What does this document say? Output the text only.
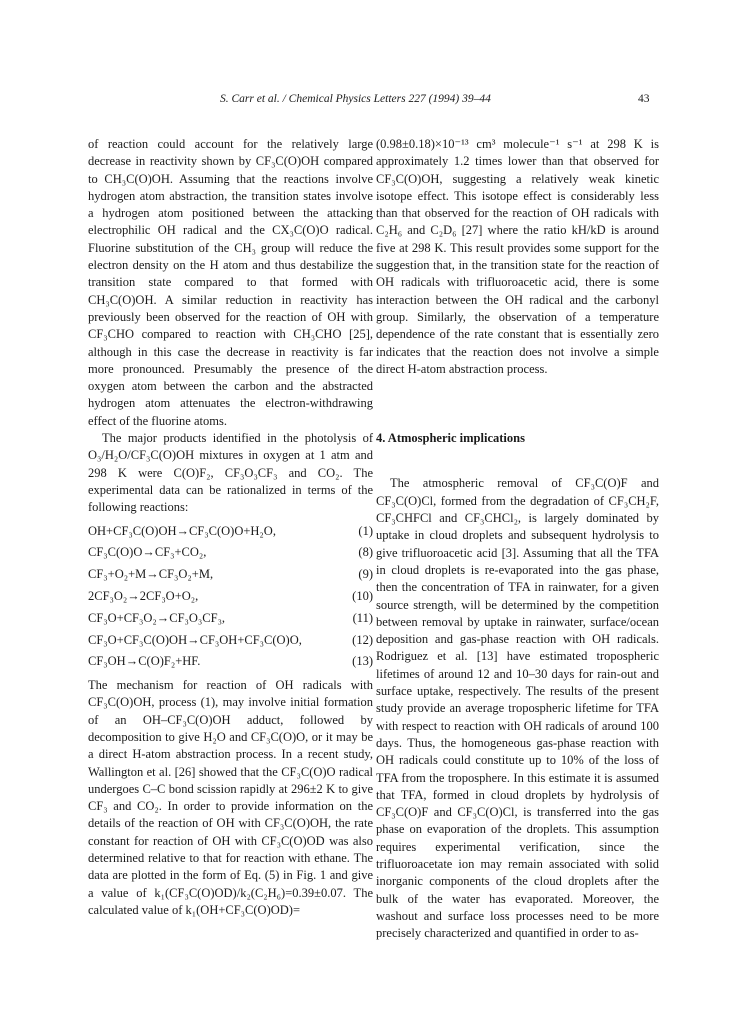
S. Carr et al. / Chemical Physics Letters 227 (1994) 39–44	43

of reaction could account for the relatively large decrease in reactivity shown by CF₃C(O)OH compared to CH₃C(O)OH. Assuming that the reactions involve hydrogen atom abstraction, the transition states involve a hydrogen atom positioned between the attacking electrophilic OH radical and the CX₃C(O)O radical. Fluorine substitution of the CH₃ group will reduce the electron density on the H atom and thus destabilize the transition state compared to that formed with CH₃C(O)OH. A similar reduction in reactivity has previously been observed for the reaction of OH with CF₃CHO compared to reaction with CH₃CHO [25], although in this case the decrease in reactivity is far more pronounced. Presumably the presence of the oxygen atom between the carbon and the abstracted hydrogen atom attenuates the electron-withdrawing effect of the fluorine atoms.

The major products identified in the photolysis of O₃/H₂O/CF₃C(O)OH mixtures in oxygen at 1 atm and 298 K were C(O)F₂, CF₃O₃CF₃ and CO₂. The experimental data can be rationalized in terms of the following reactions:

OH+CF₃C(O)OH→CF₃C(O)O+H₂O,	(1)
CF₃C(O)O→CF₃+CO₂,	(8)
CF₃+O₂+M→CF₃O₂+M,	(9)
2CF₃O₂→2CF₃O+O₂,	(10)
CF₃O+CF₃O₂→CF₃O₃CF₃,	(11)
CF₃O+CF₃C(O)OH→CF₃OH+CF₃C(O)O,	(12)
CF₃OH→C(O)F₂+HF.	(13)

The mechanism for reaction of OH radicals with CF₃C(O)OH, process (1), may involve initial formation of an OH–CF₃C(O)OH adduct, followed by decomposition to give H₂O and CF₃C(O)O, or it may be a direct H-atom abstraction process. In a recent study, Wallington et al. [26] showed that the CF₃C(O)O radical undergoes C–C bond scission rapidly at 296±2 K to give CF₃ and CO₂. In order to provide information on the details of the reaction of OH with CF₃C(O)OH, the rate constant for reaction of OH with CF₃C(O)OD was also determined relative to that for reaction with ethane. The data are plotted in the form of Eq. (5) in Fig. 1 and give a value of k₁(CF₃C(O)OD)/k₂(C₂H₆)=0.39±0.07. The calculated value of k₁(OH+CF₃C(O)OD)=

(0.98±0.18)×10⁻¹³ cm³ molecule⁻¹ s⁻¹ at 298 K is approximately 1.2 times lower than that observed for CF₃C(O)OH, suggesting a relatively weak kinetic isotope effect. This isotope effect is considerably less than that observed for the reaction of OH radicals with C₂H₆ and C₂D₆ [27] where the ratio kH/kD is around five at 298 K. This result provides some support for the suggestion that, in the transition state for the reaction of OH radicals with trifluoroacetic acid, there is some interaction between the OH radical and the carbonyl group. Similarly, the observation of a temperature dependence of the rate constant that is essentially zero indicates that the reaction does not involve a simple direct H-atom abstraction process.

4. Atmospheric implications

The atmospheric removal of CF₃C(O)F and CF₃C(O)Cl, formed from the degradation of CF₃CH₂F, CF₃CHFCl and CF₃CHCl₂, is largely dominated by uptake in cloud droplets and subsequent hydrolysis to give trifluoroacetic acid [3]. Assuming that all the TFA in cloud droplets is re-evaporated into the gas phase, then the concentration of TFA in rainwater, for a given source strength, will be determined by the competition between removal by uptake in rainwater, surface/ocean deposition and gas-phase reaction with OH radicals. Rodriguez et al. [13] have estimated tropospheric lifetimes of around 12 and 10–30 days for rain-out and surface uptake, respectively. The results of the present study provide an average tropospheric lifetime for TFA with respect to reaction with OH radicals of around 100 days. Thus, the homogeneous gas-phase reaction with OH radicals could constitute up to 10% of the loss of TFA from the troposphere. In this estimate it is assumed that TFA, formed in cloud droplets by hydrolysis of CF₃C(O)F and CF₃C(O)Cl, is transferred into the gas phase on evaporation of the droplets. This assumption requires experimental verification, since the trifluoroacetate ion may remain associated with solid inorganic components of the cloud droplets after the bulk of the water has evaporated. Moreover, the washout and surface loss processes need to be more precisely characterized and quantified in order to as-
